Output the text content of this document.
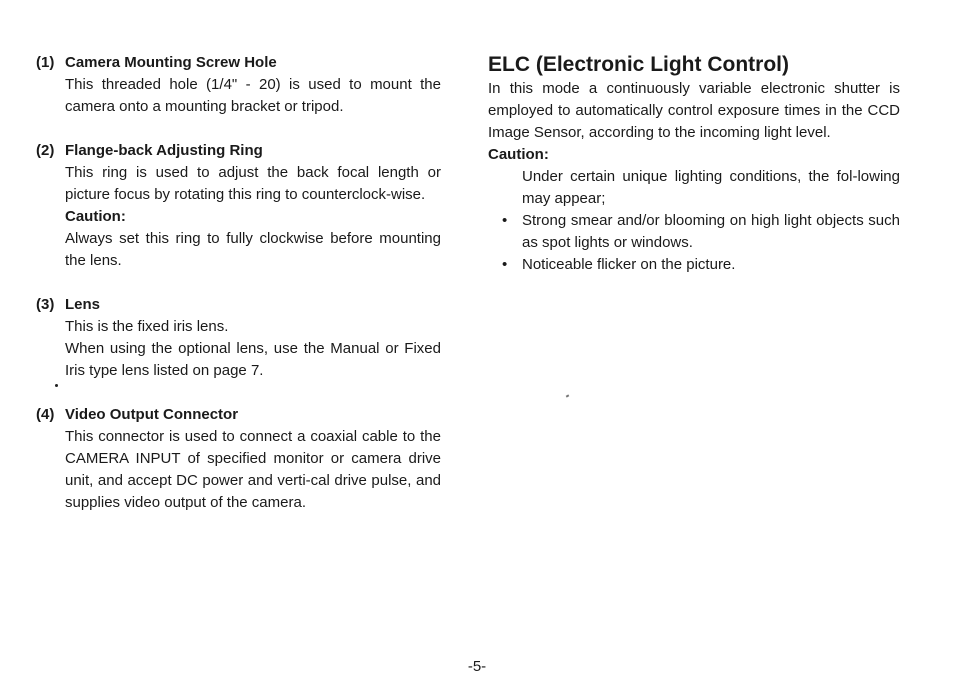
(1) Camera Mounting Screw Hole
This threaded hole (1/4" - 20) is used to mount the camera onto a mounting bracket or tripod.
(2) Flange-back Adjusting Ring
This ring is used to adjust the back focal length or picture focus by rotating this ring to counterclock-wise.
Caution:
Always set this ring to fully clockwise before mounting the lens.
(3) Lens
This is the fixed iris lens.
When using the optional lens, use the Manual or Fixed Iris type lens listed on page 7.
(4) Video Output Connector
This connector is used to connect a coaxial cable to the CAMERA INPUT of specified monitor or camera drive unit, and accept DC power and verti-cal drive pulse, and supplies video output of the camera.
ELC (Electronic Light Control)
In this mode a continuously variable electronic shutter is employed to automatically control exposure times in the CCD Image Sensor, according to the incoming light level.
Caution:
Under certain unique lighting conditions, the fol-lowing may appear;
• Strong smear and/or blooming on high light objects such as spot lights or windows.
• Noticeable flicker on the picture.
-5-
